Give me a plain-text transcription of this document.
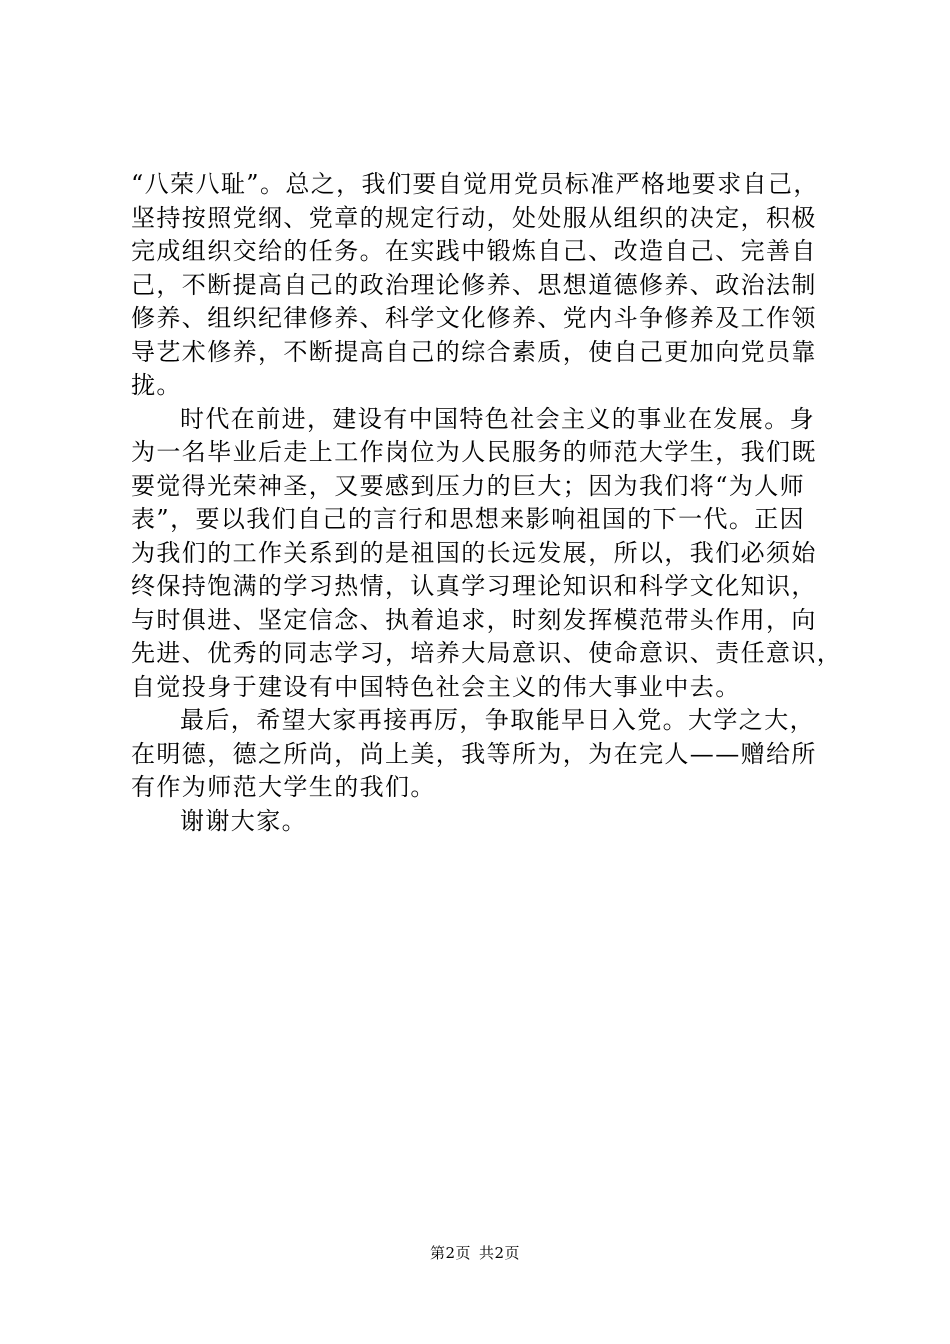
“八荣八耻”。总之，我们要自觉用党员标准严格地要求自己，
坚持按照党纲、党章的规定行动，处处服从组织的决定，积极
完成组织交给的任务。在实践中锻炼自己、改造自己、完善自
己，不断提高自己的政治理论修养、思想道德修养、政治法制
修养、组织纪律修养、科学文化修养、党内斗争修养及工作领
导艺术修养，不断提高自己的综合素质，使自己更加向党员靠
拢。
时代在前进，建设有中国特色社会主义的事业在发展。身
为一名毕业后走上工作岗位为人民服务的师范大学生，我们既
要觉得光荣神圣，又要感到压力的巨大；因为我们将“为人师
表”，要以我们自己的言行和思想来影响祖国的下一代。正因
为我们的工作关系到的是祖国的长远发展，所以，我们必须始
终保持饱满的学习热情，认真学习理论知识和科学文化知识，
与时俱进、坚定信念、执着追求，时刻发挥模范带头作用，向
先进、优秀的同志学习，培养大局意识、使命意识、责任意识，
自觉投身于建设有中国特色社会主义的伟大事业中去。
最后，希望大家再接再厉，争取能早日入党。大学之大，
在明德，德之所尚，尚上美，我等所为，为在完人——赠给所
有作为师范大学生的我们。
谢谢大家。
第2页 共2页
